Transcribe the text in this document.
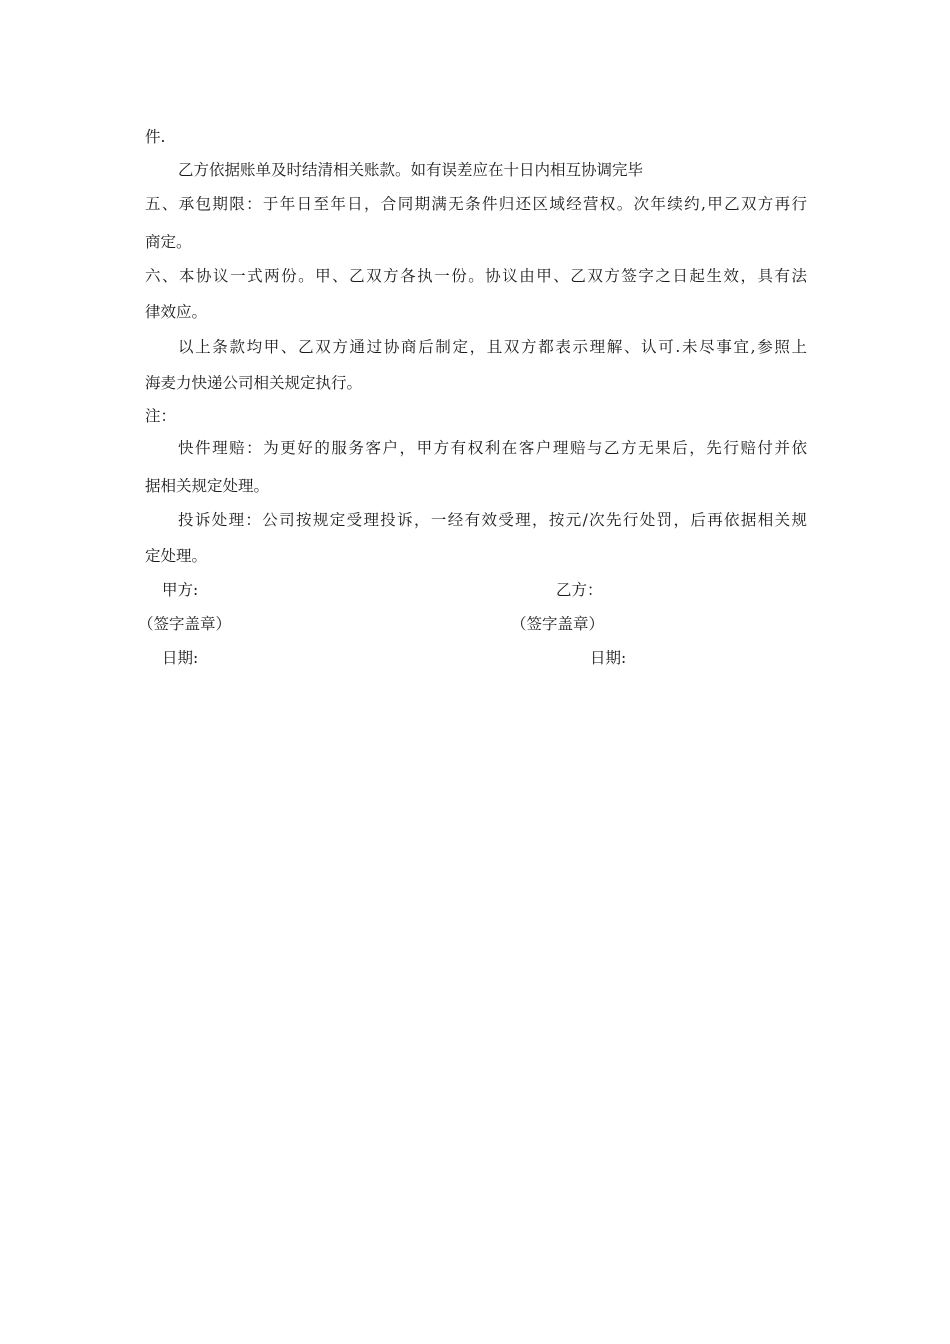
件.
乙方依据账单及时结清相关账款。如有误差应在十日内相互协调完毕
五、承包期限：于年日至年日，合同期满无条件归还区域经营权。次年续约,甲乙双方再行
商定。
六、本协议一式两份。甲、乙双方各执一份。协议由甲、乙双方签字之日起生效，具有法
律效应。
以上条款均甲、乙双方通过协商后制定，且双方都表示理解、认可.未尽事宜,参照上
海麦力快递公司相关规定执行。
注：
快件理赔：为更好的服务客户，甲方有权利在客户理赔与乙方无果后，先行赔付并依
据相关规定处理。
投诉处理：公司按规定受理投诉，一经有效受理，按元/次先行处罚，后再依据相关规
定处理。
甲方:	乙方：
（签字盖章）	（签字盖章）
日期:	日期:
